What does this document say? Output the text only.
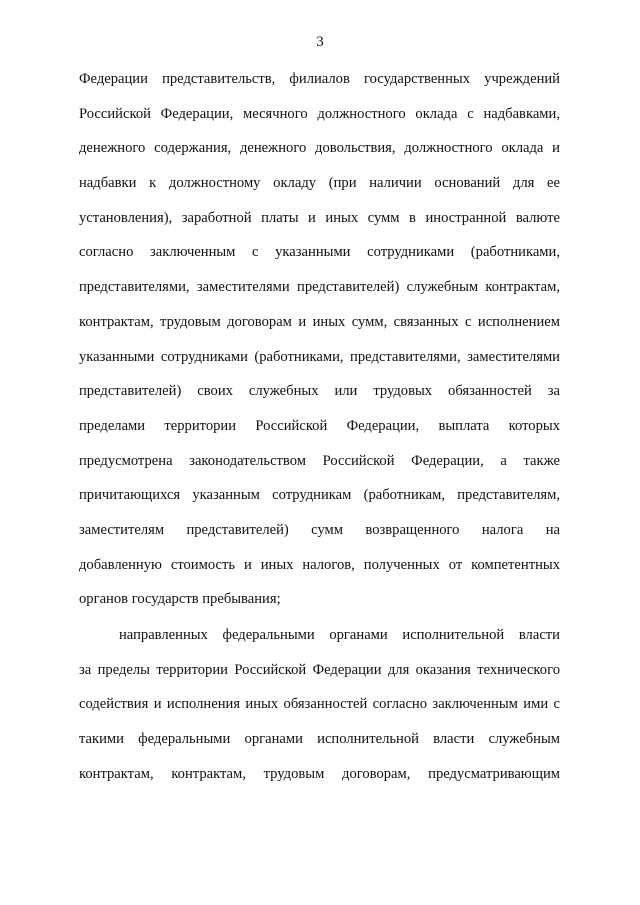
3
Федерации представительств, филиалов государственных учреждений
Российской Федерации, месячного должностного оклада с надбавками,
денежного содержания, денежного довольствия, должностного оклада и
надбавки к должностному окладу (при наличии оснований для ее
установления), заработной платы и иных сумм в иностранной валюте
согласно заключенным с указанными сотрудниками (работниками,
представителями, заместителями представителей) служебным контрактам,
контрактам, трудовым договорам и иных сумм, связанных с исполнением
указанными сотрудниками (работниками, представителями, заместителями
представителей) своих служебных или трудовых обязанностей за
пределами территории Российской Федерации, выплата которых
предусмотрена законодательством Российской Федерации, а также
причитающихся указанным сотрудникам (работникам, представителям,
заместителям представителей) сумм возвращенного налога на
добавленную стоимость и иных налогов, полученных от компетентных
органов государств пребывания;
направленных федеральными органами исполнительной власти
за пределы территории Российской Федерации для оказания технического
содействия и исполнения иных обязанностей согласно заключенным ими с
такими федеральными органами исполнительной власти служебным
контрактам, контрактам, трудовым договорам, предусматривающим
